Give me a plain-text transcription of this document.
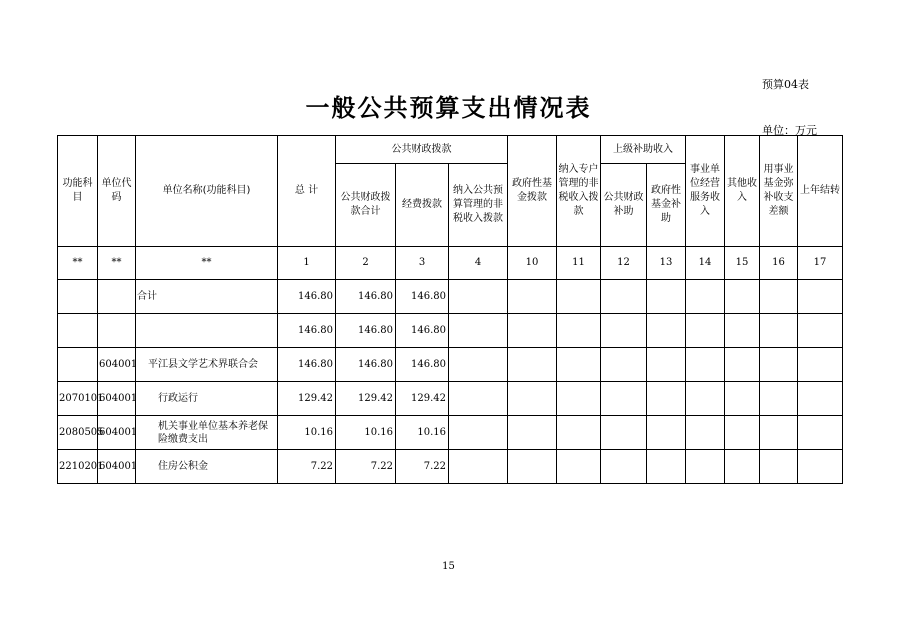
预算04表
一般公共预算支出情况表
单位：万元
功能科目	单位代码	单位名称(功能科目)	总 计	公共财政拨款			政府性基金拨款	纳入专户管理的非税收入拨款	上级补助收入		事业单位经营服务收入	其他收入	用事业基金弥补收支差额	上年结转
				公共财政拨款合计	经费拨款	纳入公共预算管理的非税收入拨款			公共财政补助	政府性基金补助				
**	**	**	1	2	3	4	10	11	12	13	14	15	16	17
		合计	146.80	146.80	146.80									
			146.80	146.80	146.80									
	604001	平江县文学艺术界联合会	146.80	146.80	146.80									
2070101	604001	行政运行	129.42	129.42	129.42									
2080505	604001	机关事业单位基本养老保险缴费支出	10.16	10.16	10.16									
2210201	604001	住房公积金	7.22	7.22	7.22									
15
